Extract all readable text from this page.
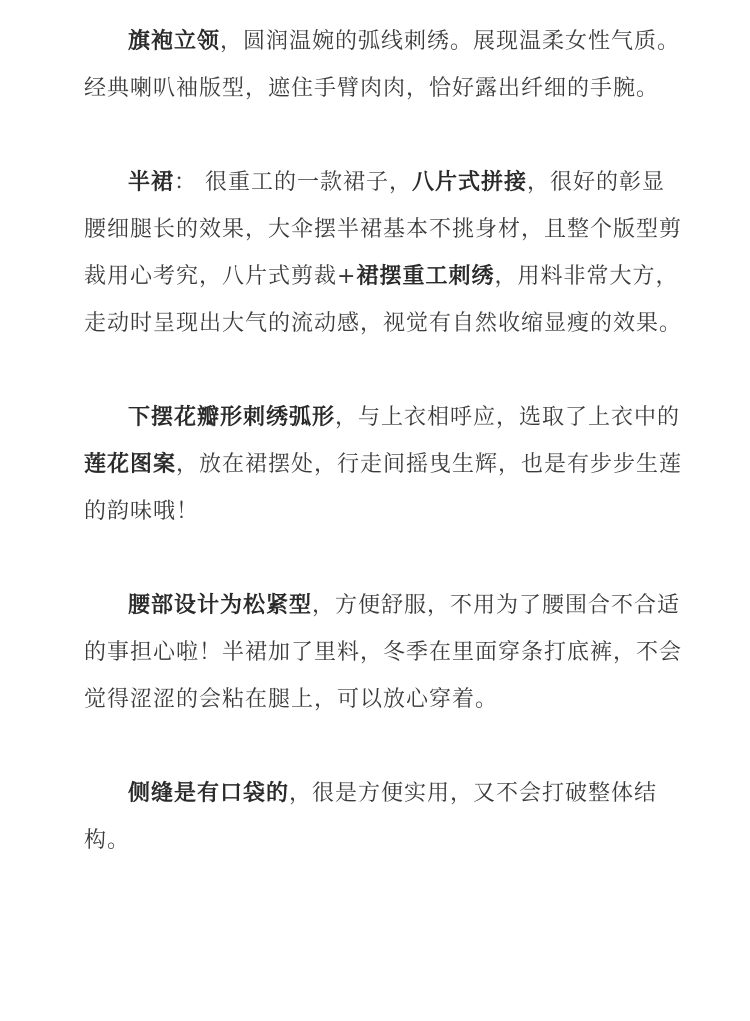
旗袍立领，圆润温婉的弧线刺绣。展现温柔女性气质。经典喇叭袖版型，遮住手臂肉肉，恰好露出纤细的手腕。

半裙： 很重工的一款裙子，八片式拼接，很好的彰显腰细腿长的效果，大伞摆半裙基本不挑身材，且整个版型剪裁用心考究，八片式剪裁+裙摆重工刺绣，用料非常大方，走动时呈现出大气的流动感，视觉有自然收缩显瘦的效果。

下摆花瓣形刺绣弧形，与上衣相呼应，选取了上衣中的莲花图案，放在裙摆处，行走间摇曳生辉，也是有步步生莲的韵味哦！

腰部设计为松紧型，方便舒服，不用为了腰围合不合适的事担心啦！半裙加了里料，冬季在里面穿条打底裤，不会觉得涩涩的会粘在腿上，可以放心穿着。

侧缝是有口袋的，很是方便实用，又不会打破整体结构。
